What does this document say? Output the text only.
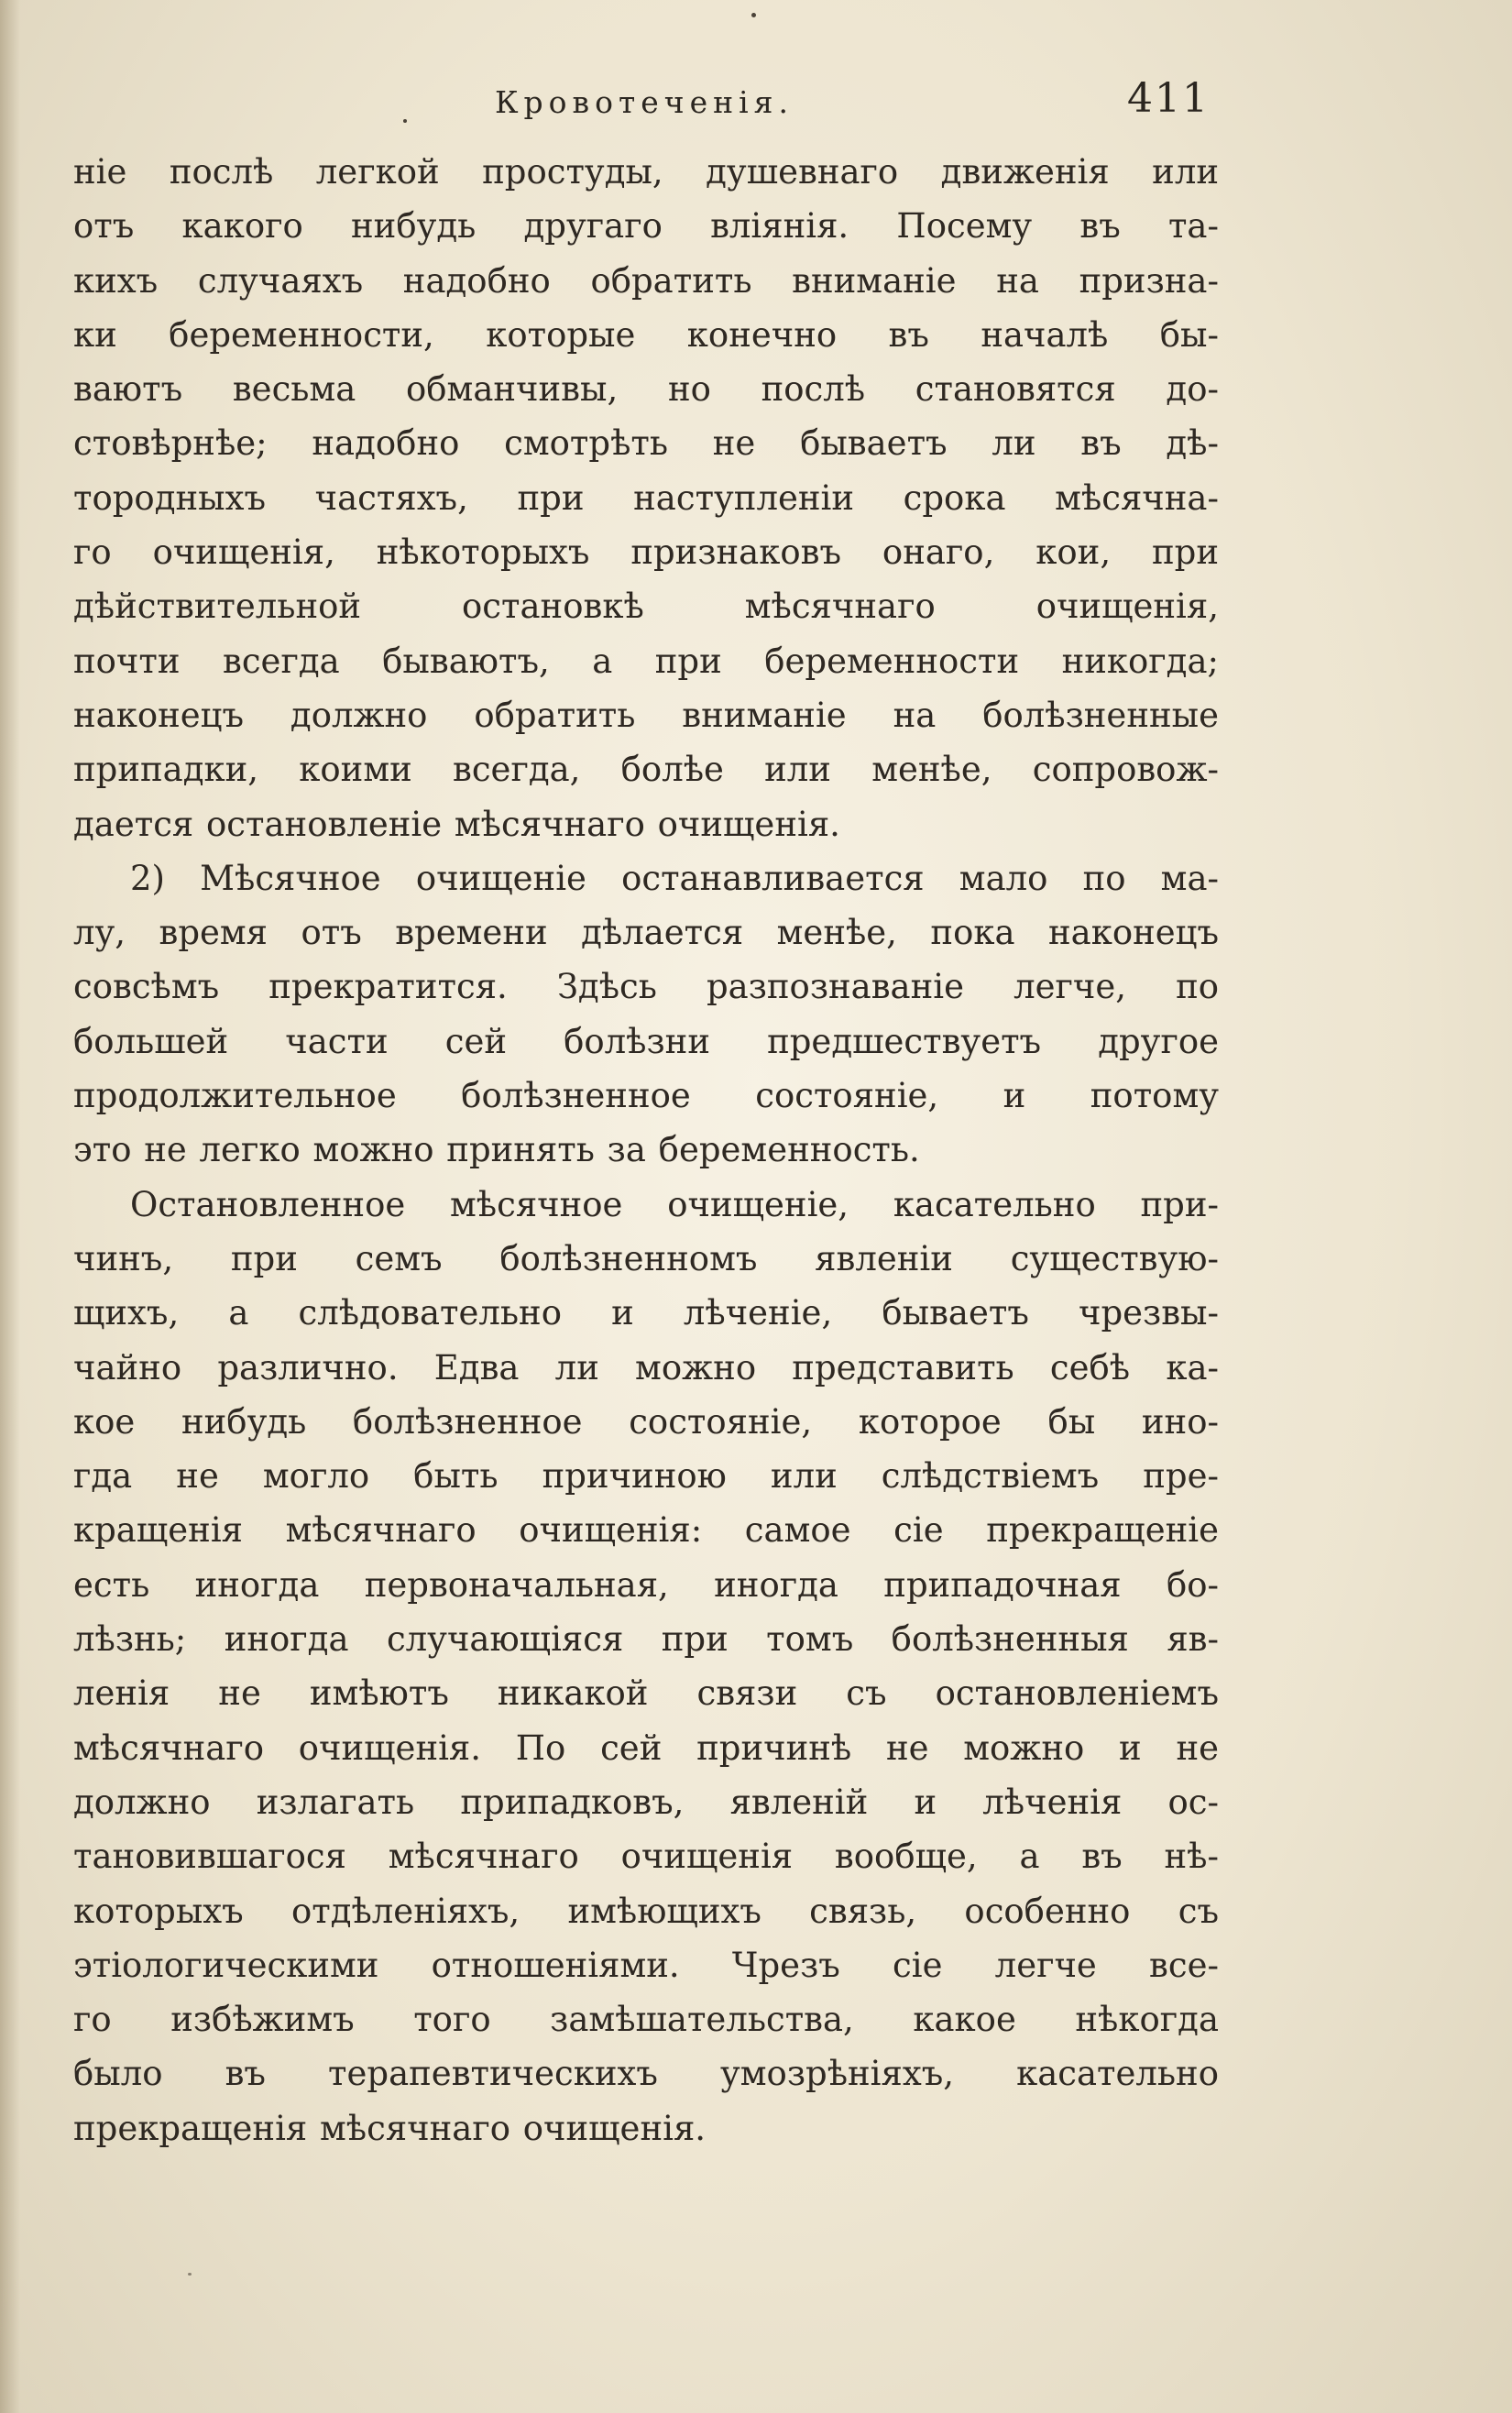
Кровотеченія.	411
ніе послѣ легкой простуды, душевнаго движенія или
отъ какого нибудь другаго вліянія. Посему въ та-
кихъ случаяхъ надобно обратить вниманіе на призна-
ки беременности, которые конечно въ началѣ бы-
ваютъ весьма обманчивы, но послѣ становятся до-
стовѣрнѣе; надобно смотрѣть не бываетъ ли въ дѣ-
тородныхъ частяхъ, при наступленіи срока мѣсячна-
го очищенія, нѣкоторыхъ признаковъ онаго, кои, при
дѣйствительной остановкѣ мѣсячнаго очищенія,
почти всегда бываютъ, а при беременности никогда;
наконецъ должно обратить вниманіе на болѣзненные
припадки, коими всегда, болѣе или менѣе, сопровож-
дается остановленіе мѣсячнаго очищенія.
2) Мѣсячное очищеніе останавливается мало по ма-
лу, время отъ времени дѣлается менѣе, пока наконецъ
совсѣмъ прекратится. Здѣсь разпознаваніе легче, по
большей части сей болѣзни предшествуетъ другое
продолжительное болѣзненное состояніе, и потому
это не легко можно принять за беременность.
Остановленное мѣсячное очищеніе, касательно при-
чинъ, при семъ болѣзненномъ явленіи существую-
щихъ, а слѣдовательно и лѣченіе, бываетъ чрезвы-
чайно различно. Едва ли можно представить себѣ ка-
кое нибудь болѣзненное состояніе, которое бы ино-
гда не могло быть причиною или слѣдствіемъ пре-
кращенія мѣсячнаго очищенія: самое сіе прекращеніе
есть иногда первоначальная, иногда припадочная бо-
лѣзнь; иногда случающіяся при томъ болѣзненныя яв-
ленія не имѣютъ никакой связи съ остановленіемъ
мѣсячнаго очищенія. По сей причинѣ не можно и не
должно излагать припадковъ, явленій и лѣченія ос-
тановившагося мѣсячнаго очищенія вообще, а въ нѣ-
которыхъ отдѣленіяхъ, имѣющихъ связь, особенно съ
этіологическими отношеніями. Чрезъ сіе легче все-
го избѣжимъ того замѣшательства, какое нѣкогда
было въ терапевтическихъ умозрѣніяхъ, касательно
прекращенія мѣсячнаго очищенія.
